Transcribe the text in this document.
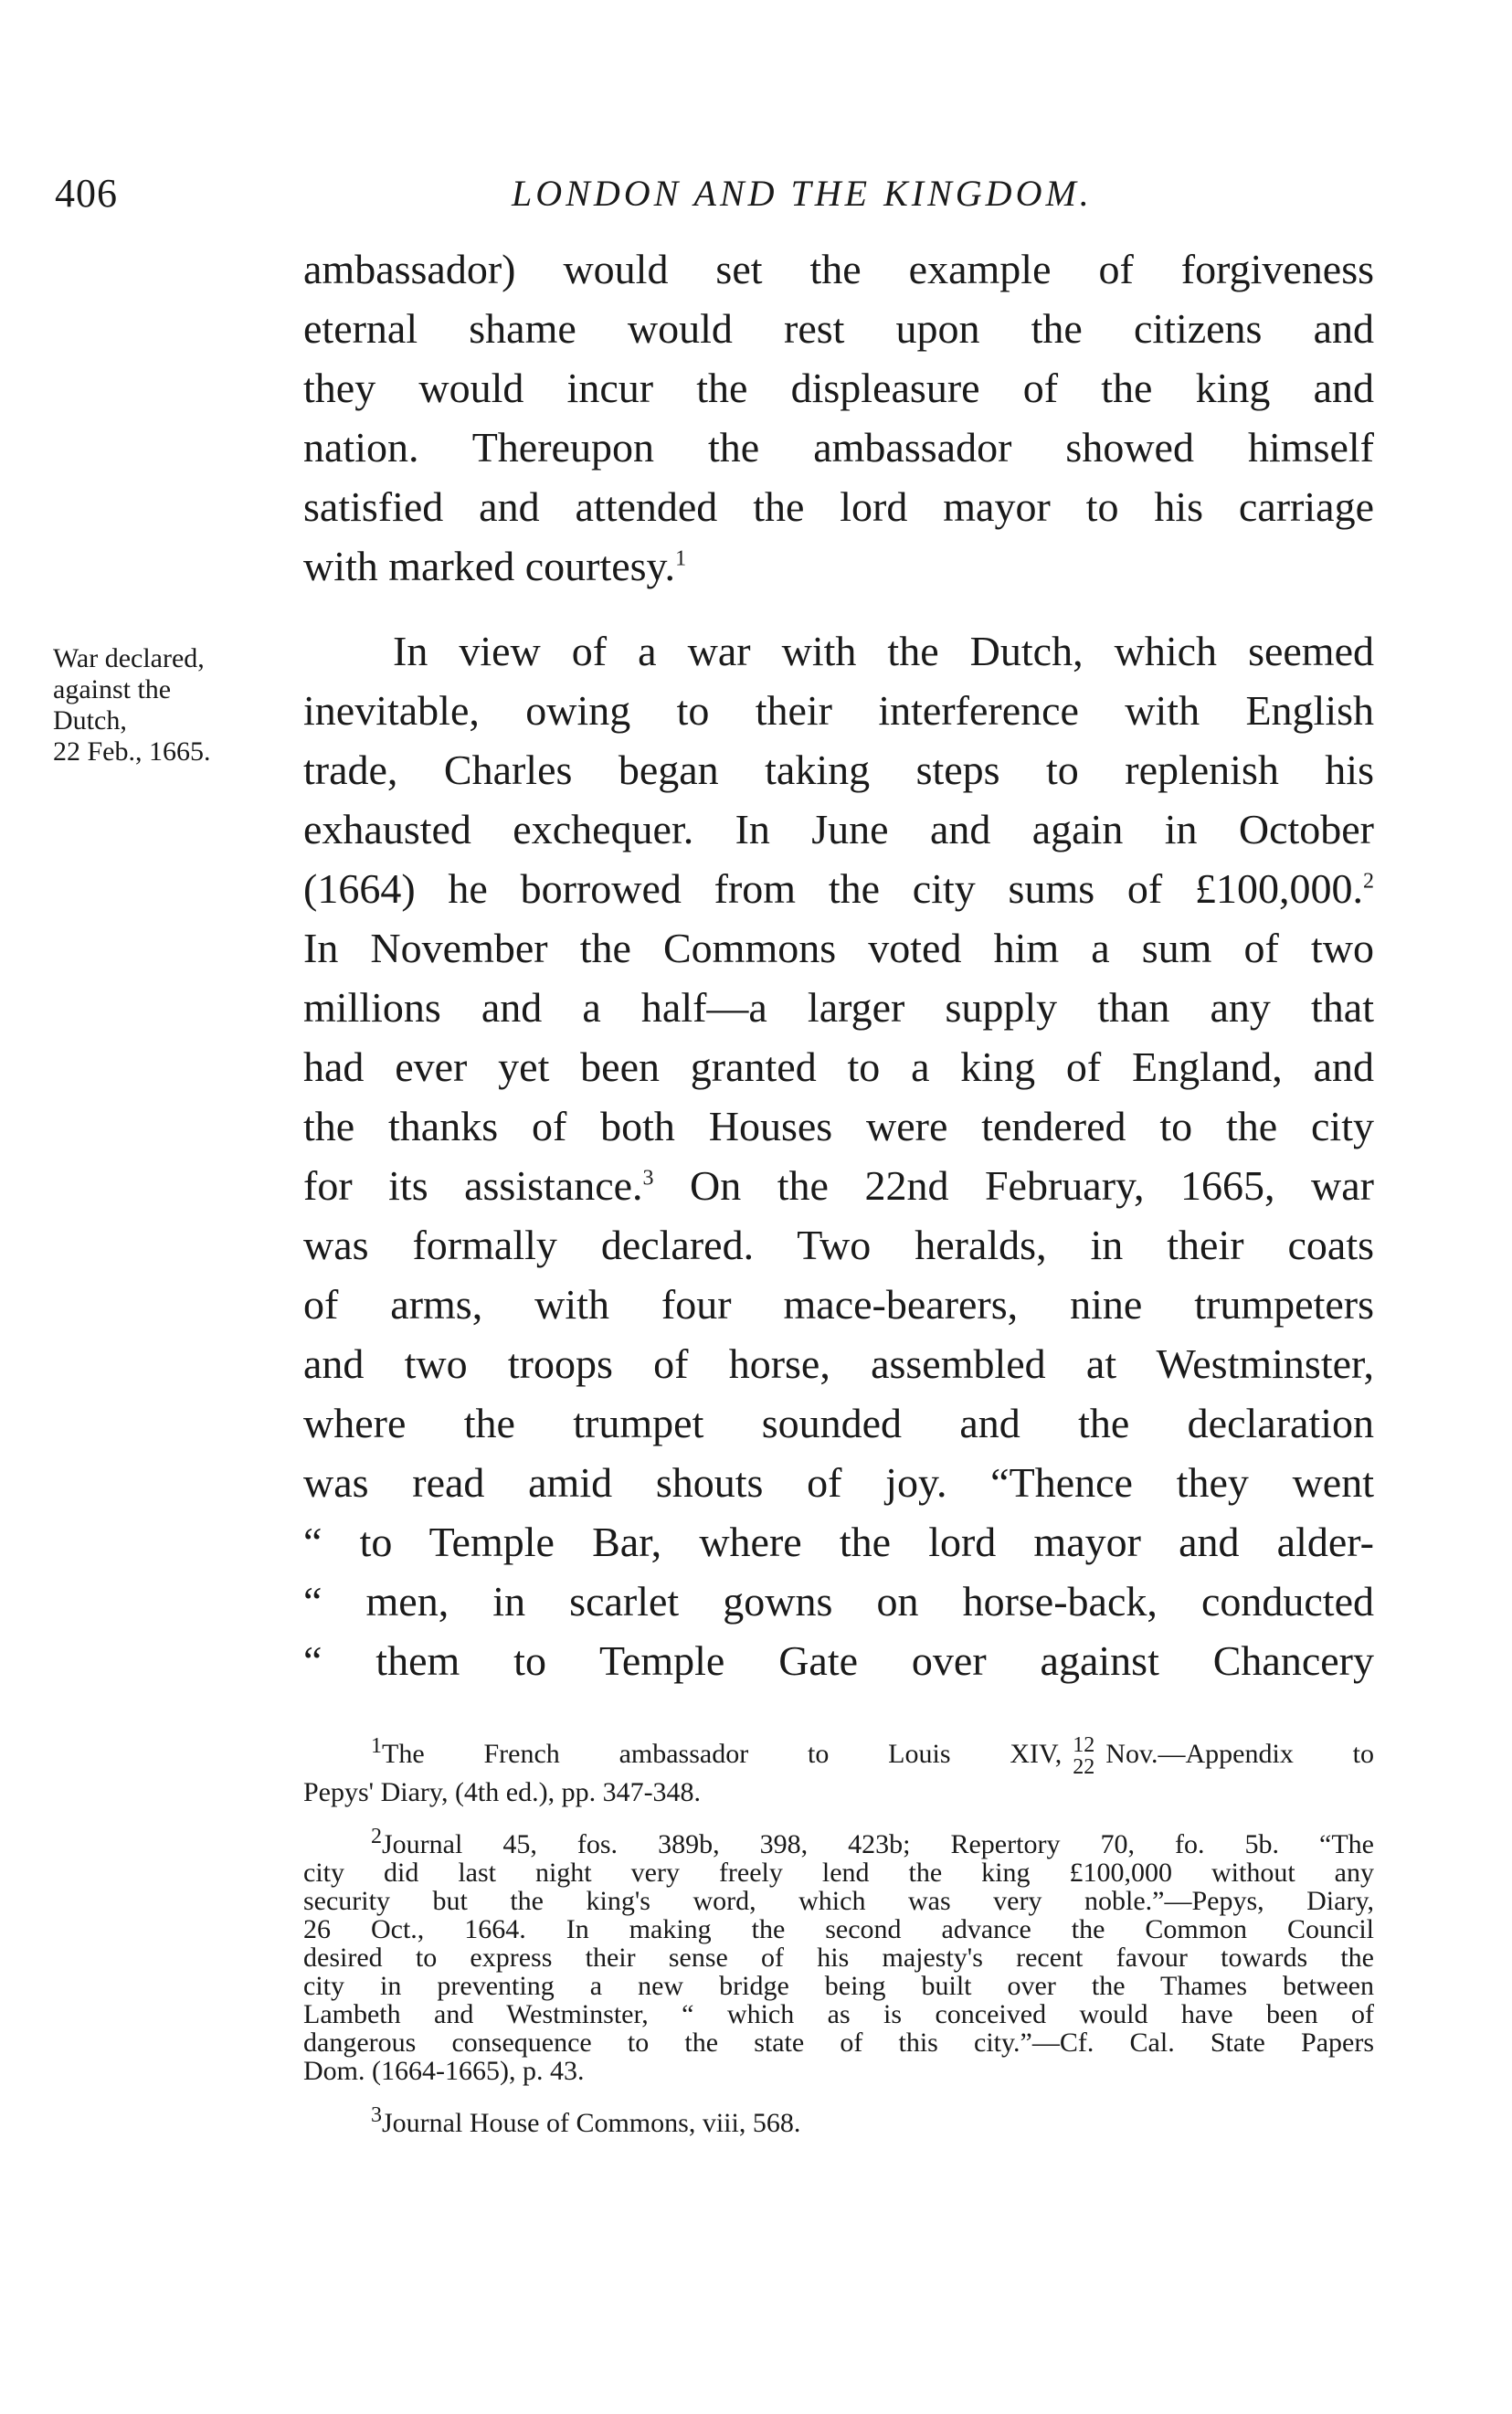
406	LONDON AND THE KINGDOM.
ambassador) would set the example of forgiveness
eternal shame would rest upon the citizens and
they would incur the displeasure of the king and
nation. Thereupon the ambassador showed himself
satisfied and attended the lord mayor to his carriage
with marked courtesy.$^1$
War declared,
against the
Dutch,
22 Feb., 1665.
In view of a war with the Dutch, which seemed
inevitable, owing to their interference with English
trade, Charles began taking steps to replenish his
exhausted exchequer. In June and again in October
(1664) he borrowed from the city sums of £100,000.$^2$
In November the Commons voted him a sum of two
millions and a half—a larger supply than any that
had ever yet been granted to a king of England, and
the thanks of both Houses were tendered to the city
for its assistance.$^3$ On the 22nd February, 1665, war
was formally declared. Two heralds, in their coats
of arms, with four mace-bearers, nine trumpeters
and two troops of horse, assembled at Westminster,
where the trumpet sounded and the declaration
was read amid shouts of joy. “Thence they went
“ to Temple Bar, where the lord mayor and alder-
“ men, in scarlet gowns on horse-back, conducted
“ them to Temple Gate over against Chancery
$^1$The French ambassador to Louis XIV, 12
22 Nov.—Appendix to
Pepys' Diary, (4th ed.), pp. 347-348.
$^2$Journal 45, fos. 389b, 398, 423b; Repertory 70, fo. 5b. “The
city did last night very freely lend the king £100,000 without any
security but the king's word, which was very noble.”—Pepys, Diary,
26 Oct., 1664. In making the second advance the Common Council
desired to express their sense of his majesty's recent favour towards the
city in preventing a new bridge being built over the Thames between
Lambeth and Westminster, “ which as is conceived would have been of
dangerous consequence to the state of this city.”—Cf. Cal. State Papers
Dom. (1664-1665), p. 43.
$^3$Journal House of Commons, viii, 568.
